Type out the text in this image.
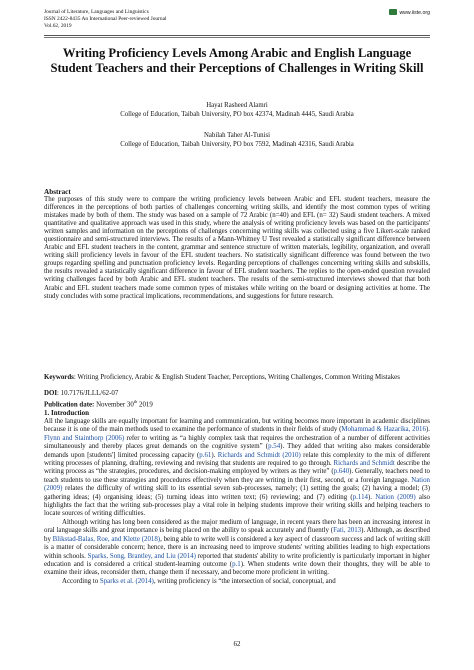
Journal of Literature, Languages and Linguistics
ISSN 2422-8435 An International Peer-reviewed Journal
Vol.62, 2019
www.iiste.org
Writing Proficiency Levels Among Arabic and English Language Student Teachers and their Perceptions of Challenges in Writing Skill
Hayat Rasheed Alamri
College of Education, Taibah University, PO box 42374, Madinah 4445, Saudi Arabia
Nabilah Taher Al-Tunisi
College of Education, Taibah University, PO box 7592, Madinah 42316, Saudi Arabia
Abstract
The purposes of this study were to compare the writing proficiency levels between Arabic and EFL student teachers, measure the differences in the perceptions of both parties of challenges concerning writing skills, and identify the most common types of writing mistakes made by both of them. The study was based on a sample of 72 Arabic (n=40) and EFL (n= 32) Saudi student teachers. A mixed quantitative and qualitative approach was used in this study, where the analysis of writing proficiency levels was based on the participants' written samples and information on the perceptions of challenges concerning writing skills was collected using a five Likert-scale ranked questionnaire and semi-structured interviews. The results of a Mann-Whitney U Test revealed a statistically significant difference between Arabic and EFL student teachers in the content, grammar and sentence structure of written materials, legibility, organization, and overall writing skill proficiency levels in favour of the EFL student teachers. No statistically significant difference was found between the two groups regarding spelling and punctuation proficiency levels. Regarding perceptions of challenges concerning writing skills and subskills, the results revealed a statistically significant difference in favour of EFL student teachers. The replies to the open-ended question revealed writing challenges faced by both Arabic and EFL student teachers. The results of the semi-structured interviews showed that that both Arabic and EFL student teachers made some common types of mistakes while writing on the board or designing activities at home. The study concludes with some practical implications, recommendations, and suggestions for future research.
Keywords: Writing Proficiency, Arabic & English Student Teacher, Perceptions, Writing Challenges, Common Writing Mistakes
DOI: 10.7176/JLLL/62-07
Publication date: November 30th 2019
1. Introduction

All the language skills are equally important for learning and communication, but writing becomes more important in academic disciplines because it is one of the main methods used to examine the performance of students in their fields of study (Mohammad & Hazarika, 2016). Flynn and Stainthorp (2006) refer to writing as “a highly complex task that requires the orchestration of a number of different activities simultaneously and thereby places great demands on the cognitive system” (p.54). They added that writing also makes considerable demands upon [students'] limited processing capacity (p.61). Richards and Schmidt (2010) relate this complexity to the mix of different writing processes of planning, drafting, reviewing and revising that students are required to go through. Richards and Schmidt describe the writing process as “the strategies, procedures, and decision-making employed by writers as they write” (p.640). Generally, teachers need to teach students to use these strategies and procedures effectively when they are writing in their first, second, or a foreign language. Nation (2009) relates the difficulty of writing skill to its essential seven sub-processes, namely; (1) setting the goals; (2) having a model; (3) gathering ideas; (4) organising ideas; (5) turning ideas into written text; (6) reviewing; and (7) editing (p.114). Nation (2009) also highlights the fact that the writing sub-processes play a vital role in helping students improve their writing skills and helping teachers to locate sources of writing difficulties.

Although writing has long been considered as the major medium of language, in recent years there has been an increasing interest in oral language skills and great importance is being placed on the ability to speak accurately and fluently (Fati, 2013). Although, as described by Blikstad-Balas, Roe, and Klette (2018), being able to write well is considered a key aspect of classroom success and lack of writing skill is a matter of considerable concern; hence, there is an increasing need to improve students' writing abilities leading to high expectations within schools. Sparks, Song, Brantley, and Liu (2014) reported that students' ability to write proficiently is particularly important in higher education and is considered a critical student-learning outcome (p.1). When students write down their thoughts, they will be able to examine their ideas, reconsider them, change them if necessary, and become more proficient in writing.

According to Sparks et al. (2014), writing proficiency is “the intersection of social, conceptual, and

62
